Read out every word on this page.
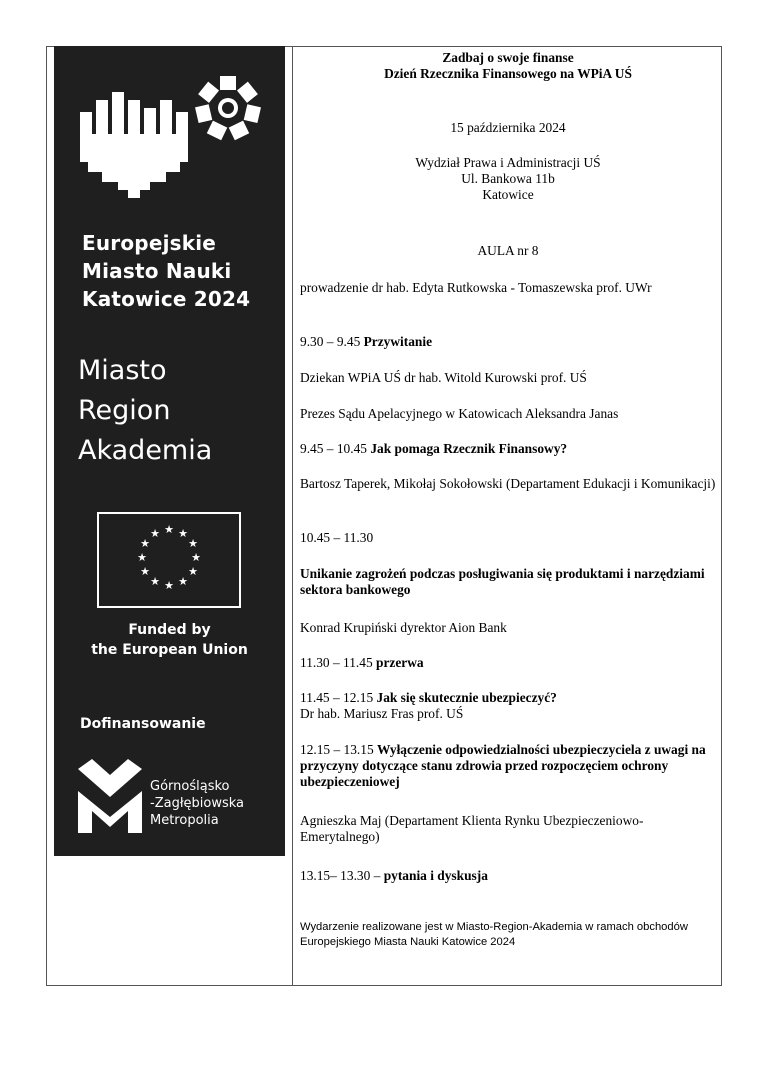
Europejskie
Miasto Nauki
Katowice 2024
Miasto
Region
Akademia
★ ★
★
★
★
★
★
★
★
★
★
★
Funded by
the European Union
Dofinansowanie
Górnośląsko
-Zagłębiowska
Metropolia
Zadbaj o swoje finanse
Dzień Rzecznika Finansowego na WPiA UŚ
15 października 2024
Wydział Prawa i Administracji UŚ
Ul. Bankowa 11b
Katowice
AULA nr 8
prowadzenie dr hab. Edyta Rutkowska - Tomaszewska prof. UWr
9.30 – 9.45 Przywitanie
Dziekan WPiA UŚ dr hab. Witold Kurowski prof. UŚ
Prezes Sądu Apelacyjnego w Katowicach Aleksandra Janas
9.45 – 10.45 Jak pomaga Rzecznik Finansowy?
Bartosz Taperek, Mikołaj Sokołowski (Departament Edukacji i Komunikacji)
10.45 – 11.30
Unikanie zagrożeń podczas posługiwania się produktami i narzędziami sektora bankowego
Konrad Krupiński dyrektor Aion Bank
11.30 – 11.45 przerwa
11.45 – 12.15 Jak się skutecznie ubezpieczyć?
Dr hab. Mariusz Fras prof. UŚ
12.15 – 13.15 Wyłączenie odpowiedzialności ubezpieczyciela z uwagi na przyczyny dotyczące stanu zdrowia przed rozpoczęciem ochrony ubezpieczeniowej
Agnieszka Maj (Departament Klienta Rynku Ubezpieczeniowo-Emerytalnego)
13.15– 13.30 – pytania i dyskusja
Wydarzenie realizowane jest w Miasto-Region-Akademia w ramach obchodów Europejskiego Miasta Nauki Katowice 2024
